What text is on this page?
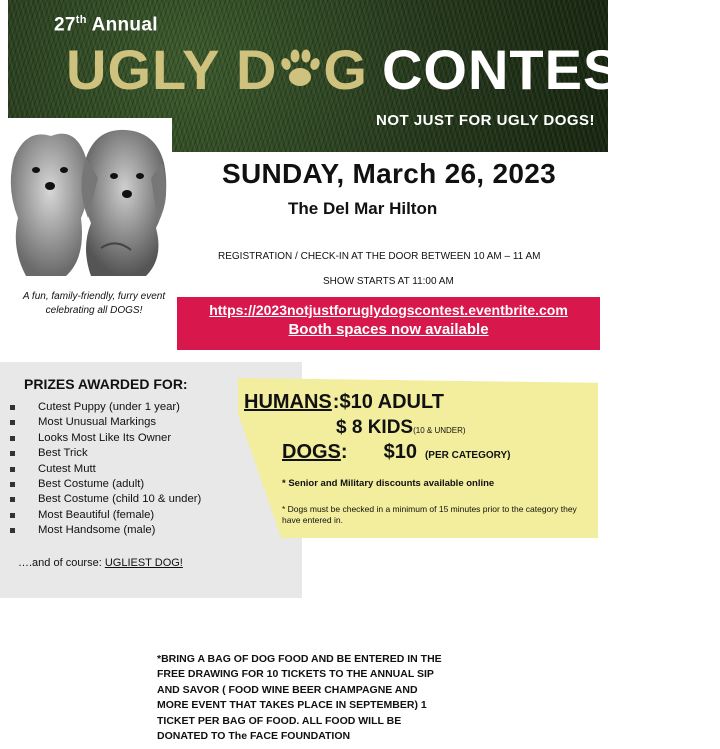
27th Annual
UGLY D G CONTEST
NOT JUST FOR UGLY DOGS!
A fun, family-friendly, furry event celebrating all DOGS!
SUNDAY, March 26, 2023
The Del Mar Hilton
REGISTRATION / CHECK-IN AT THE DOOR BETWEEN 10 AM – 11 AM
SHOW STARTS AT 11:00 AM
https://2023notjustforuglydogscontest.eventbrite.com
Booth spaces now available
PRIZES AWARDED FOR:
Cutest Puppy (under 1 year)
Most Unusual Markings
Looks Most Like Its Owner
Best Trick
Cutest Mutt
Best Costume (adult)
Best Costume (child 10 & under)
Most Beautiful (female)
Most Handsome (male)
….and of course: UGLIEST DOG!
HUMANS:$10 ADULT
$ 8 KIDS(10 & UNDER)
DOGS: $10 (PER CATEGORY)
* Senior and Military discounts available online
* Dogs must be checked in a minimum of 15 minutes prior to the category they have entered in.
*BRING A BAG OF DOG FOOD AND BE ENTERED IN THE FREE DRAWING FOR 10 TICKETS TO THE ANNUAL SIP AND SAVOR ( FOOD WINE BEER CHAMPAGNE AND MORE EVENT THAT TAKES PLACE IN SEPTEMBER) 1 TICKET PER BAG OF FOOD. ALL FOOD WILL BE DONATED TO The FACE FOUNDATION
